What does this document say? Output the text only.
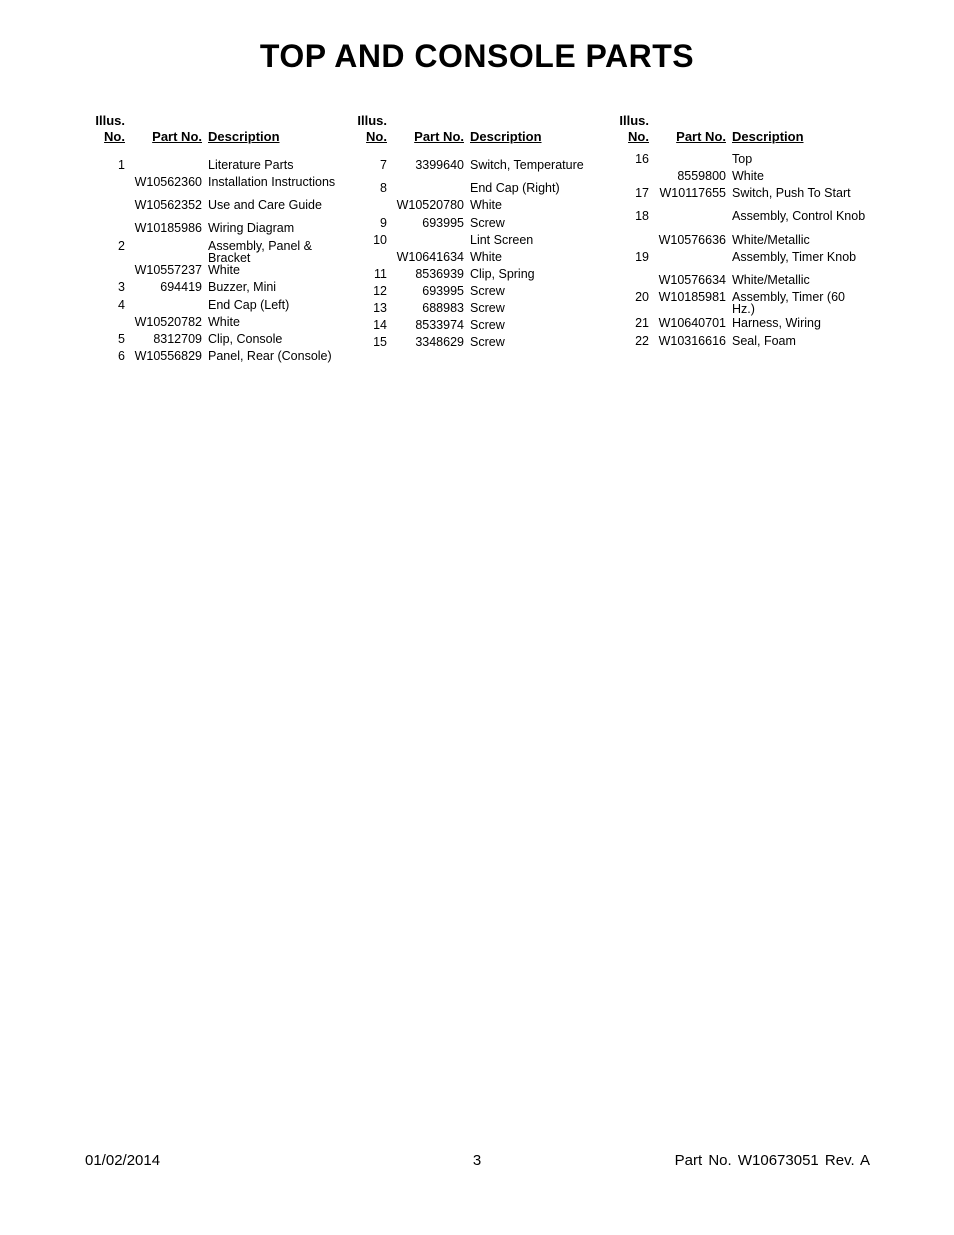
TOP AND CONSOLE PARTS
Illus.
No.	Part No. Description
1	Literature Parts
W10562360 Installation Instructions
W10562352 Use and Care Guide
W10185986 Wiring Diagram
2	Assembly, Panel & Bracket
W10557237 White
3	694419 Buzzer, Mini
4	End Cap (Left)
W10520782 White
5	8312709 Clip, Console
6 W10556829 Panel, Rear (Console)
Illus.
No.	Part No. Description
7	3399640 Switch, Temperature
8	End Cap (Right)
W10520780 White
9	693995 Screw
10	Lint Screen
W10641634 White
11	8536939 Clip, Spring
12	693995 Screw
13	688983 Screw
14	8533974 Screw
15	3348629 Screw
Illus.
No.	Part No. Description
16	Top
8559800 White
17 W10117655 Switch, Push To Start
18	Assembly, Control Knob
W10576636 White/Metallic
19	Assembly, Timer Knob
W10576634 White/Metallic
20 W10185981 Assembly, Timer (60 Hz.)
21 W10640701 Harness, Wiring
22 W10316616 Seal, Foam
01/02/2014	3	Part No. W10673051 Rev. A
